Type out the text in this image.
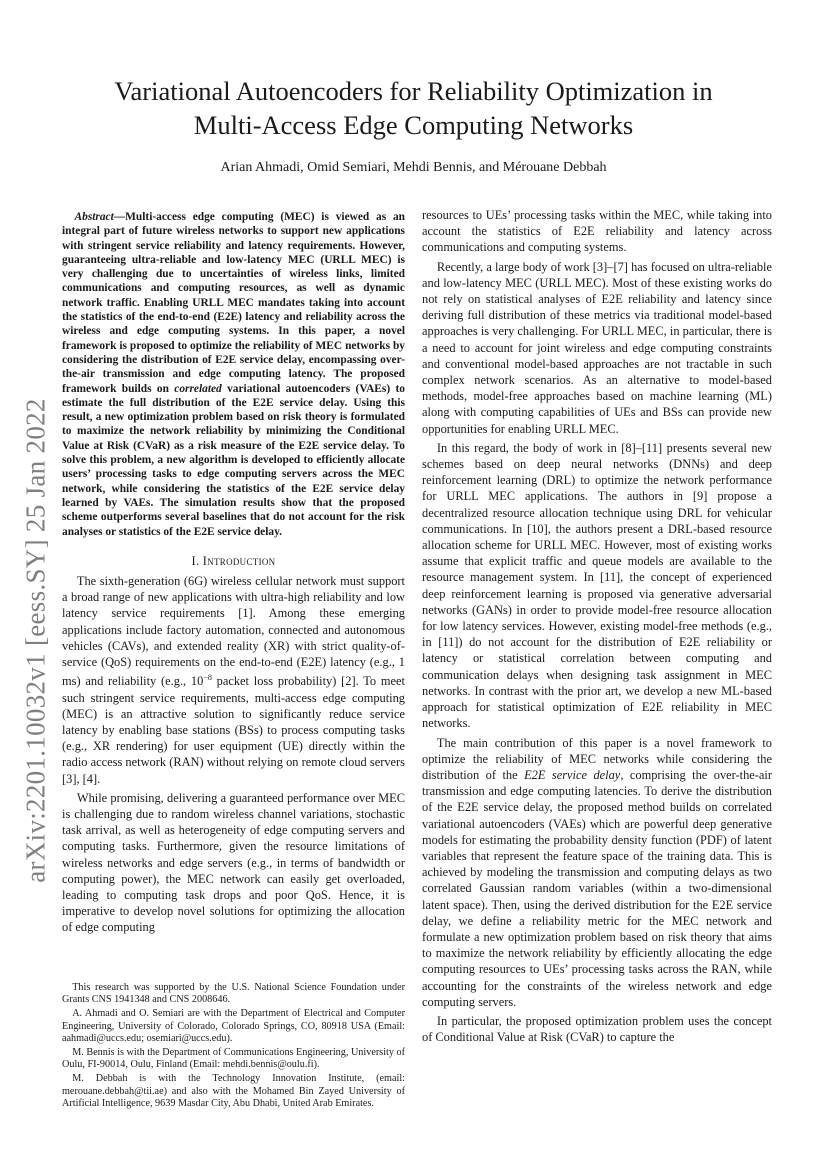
arXiv:2201.10032v1 [eess.SY] 25 Jan 2022
Variational Autoencoders for Reliability Optimization in
Multi-Access Edge Computing Networks

Arian Ahmadi, Omid Semiari, Mehdi Bennis, and Mérouane Debbah

Abstract—Multi-access edge computing (MEC) is viewed as an integral part of future wireless networks to support new applications with stringent service reliability and latency requirements. However, guaranteeing ultra-reliable and low-latency MEC (URLL MEC) is very challenging due to uncertainties of wireless links, limited communications and computing resources, as well as dynamic network traffic. Enabling URLL MEC mandates taking into account the statistics of the end-to-end (E2E) latency and reliability across the wireless and edge computing systems. In this paper, a novel framework is proposed to optimize the reliability of MEC networks by considering the distribution of E2E service delay, encompassing over-the-air transmission and edge computing latency. The proposed framework builds on correlated variational autoencoders (VAEs) to estimate the full distribution of the E2E service delay. Using this result, a new optimization problem based on risk theory is formulated to maximize the network reliability by minimizing the Conditional Value at Risk (CVaR) as a risk measure of the E2E service delay. To solve this problem, a new algorithm is developed to efficiently allocate users’ processing tasks to edge computing servers across the MEC network, while considering the statistics of the E2E service delay learned by VAEs. The simulation results show that the proposed scheme outperforms several baselines that do not account for the risk analyses or statistics of the E2E service delay.

I. Introduction

The sixth-generation (6G) wireless cellular network must support a broad range of new applications with ultra-high reliability and low latency service requirements [1]. Among these emerging applications include factory automation, connected and autonomous vehicles (CAVs), and extended reality (XR) with strict quality-of-service (QoS) requirements on the end-to-end (E2E) latency (e.g., 1 ms) and reliability (e.g., $10^{-8}$ packet loss probability) [2]. To meet such stringent service requirements, multi-access edge computing (MEC) is an attractive solution to significantly reduce service latency by enabling base stations (BSs) to process computing tasks (e.g., XR rendering) for user equipment (UE) directly within the radio access network (RAN) without relying on remote cloud servers [3], [4].

While promising, delivering a guaranteed performance over MEC is challenging due to random wireless channel variations, stochastic task arrival, as well as heterogeneity of edge computing servers and computing tasks. Furthermore, given the resource limitations of wireless networks and edge servers (e.g., in terms of bandwidth or computing power), the MEC network can easily get overloaded, leading to computing task drops and poor QoS. Hence, it is imperative to develop novel solutions for optimizing the allocation of edge computing

This research was supported by the U.S. National Science Foundation under Grants CNS 1941348 and CNS 2008646.

A. Ahmadi and O. Semiari are with the Department of Electrical and Computer Engineering, University of Colorado, Colorado Springs, CO, 80918 USA (Email: aahmadi@uccs.edu; osemiari@uccs.edu).

M. Bennis is with the Department of Communications Engineering, University of Oulu, FI-90014, Oulu, Finland (Email: mehdi.bennis@oulu.fi).

M. Debbah is with the Technology Innovation Institute, (email: merouane.debbah@tii.ae) and also with the Mohamed Bin Zayed University of Artificial Intelligence, 9639 Masdar City, Abu Dhabi, United Arab Emirates.

resources to UEs’ processing tasks within the MEC, while taking into account the statistics of E2E reliability and latency across communications and computing systems.

Recently, a large body of work [3]–[7] has focused on ultra-reliable and low-latency MEC (URLL MEC). Most of these existing works do not rely on statistical analyses of E2E reliability and latency since deriving full distribution of these metrics via traditional model-based approaches is very challenging. For URLL MEC, in particular, there is a need to account for joint wireless and edge computing constraints and conventional model-based approaches are not tractable in such complex network scenarios. As an alternative to model-based methods, model-free approaches based on machine learning (ML) along with computing capabilities of UEs and BSs can provide new opportunities for enabling URLL MEC.

In this regard, the body of work in [8]–[11] presents several new schemes based on deep neural networks (DNNs) and deep reinforcement learning (DRL) to optimize the network performance for URLL MEC applications. The authors in [9] propose a decentralized resource allocation technique using DRL for vehicular communications. In [10], the authors present a DRL-based resource allocation scheme for URLL MEC. However, most of existing works assume that explicit traffic and queue models are available to the resource management system. In [11], the concept of experienced deep reinforcement learning is proposed via generative adversarial networks (GANs) in order to provide model-free resource allocation for low latency services. However, existing model-free methods (e.g., in [11]) do not account for the distribution of E2E reliability or latency or statistical correlation between computing and communication delays when designing task assignment in MEC networks. In contrast with the prior art, we develop a new ML-based approach for statistical optimization of E2E reliability in MEC networks.

The main contribution of this paper is a novel framework to optimize the reliability of MEC networks while considering the distribution of the E2E service delay, comprising the over-the-air transmission and edge computing latencies. To derive the distribution of the E2E service delay, the proposed method builds on correlated variational autoencoders (VAEs) which are powerful deep generative models for estimating the probability density function (PDF) of latent variables that represent the feature space of the training data. This is achieved by modeling the transmission and computing delays as two correlated Gaussian random variables (within a two-dimensional latent space). Then, using the derived distribution for the E2E service delay, we define a reliability metric for the MEC network and formulate a new optimization problem based on risk theory that aims to maximize the network reliability by efficiently allocating the edge computing resources to UEs’ processing tasks across the RAN, while accounting for the constraints of the wireless network and edge computing servers.

In particular, the proposed optimization problem uses the concept of Conditional Value at Risk (CVaR) to capture the
